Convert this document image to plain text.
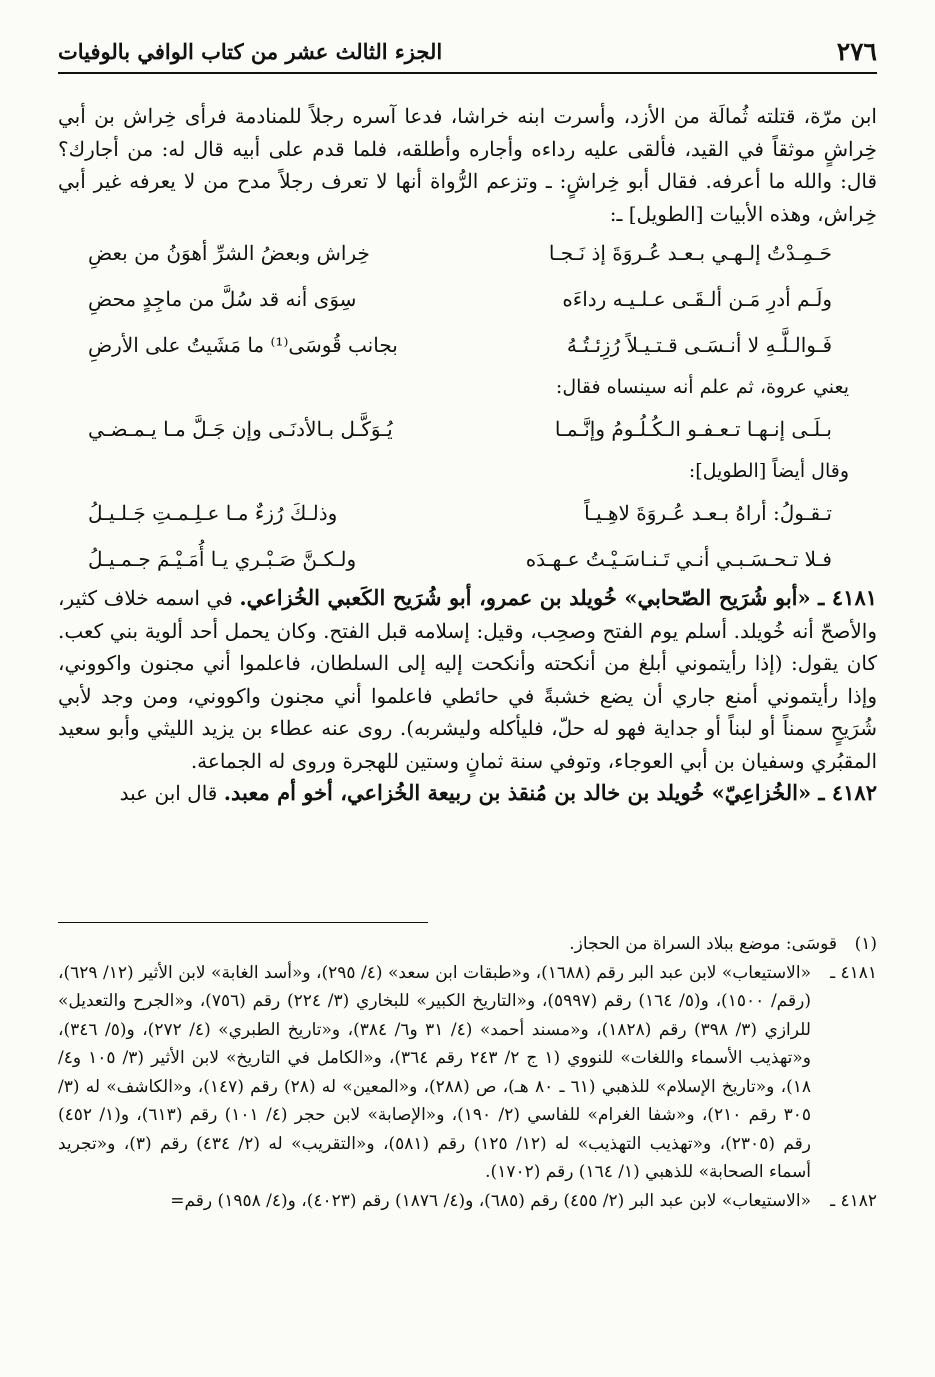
٢٧٦
الجزء الثالث عشر من كتاب الوافي بالوفيات

ابن مرّة، قتلته ثُمالَة من الأزد، وأسرت ابنه خراشا، فدعا آسره رجلاً للمنادمة فرأى خِراش بن أبي خِراشٍ موثقاً في القيد، فألقى عليه رداءه وأجاره وأطلقه، فلما قدم على أبيه قال له: من أجارك؟ قال: والله ما أعرفه. فقال أبو خِراشٍ: ـ وتزعم الرُّواة أنها لا تعرف رجلاً مدح من لا يعرفه غير أبي خِراش، وهذه الأبيات [الطويل] ـ:

حَـمِـدْتُ إلـهـي بـعـد عُـروَةَ إذ نَـجـا
خِراش وبعضُ الشرِّ أهوَنُ من بعضِ
ولَـم أدرِ مَـن ألـقَـى عـلـيـه رداءَه
سِوَى أنه قد سُلَّ من ماجِدٍ محضِ
فَـوالـلَّـهِ لا أنـسَـى قـتـيـلاً رُزِئـتُـهُ
بجانب قُوسَى⁽¹⁾ ما مَشَيتُ على الأرضِ
يعني عروة، ثم علم أنه سينساه فقال:
بـلَـى إنـهـا تـعـفـو الـكُـلُـومُ وإنَّـمـا
يُـوَكَّـل بـالأدنَـى وإن جَـلَّ مـا يـمـضـي
وقال أيضاً [الطويل]:
تـقـولُ: أراهُ بـعـد عُـروَةَ لاهِـيـاً
وذلـكَ رُزءٌ مـا عـلِـمـتِ جَـلـيـلُ
فـلا تـحـسَـبـي أنـي تَـنـاسَـيْـتُ عـهـدَه
ولـكـنَّ صَـبْـري يـا أُمَـيْـمَ جـمـيـلُ

٤١٨١ ـ «أبو شُرَيح الصّحابي» خُويلد بن عمرو، أبو شُرَيح الكَعبي الخُزاعي. في اسمه خلاف كثير، والأصحّ أنه خُويلد. أسلم يوم الفتح وصحِب، وقيل: إسلامه قبل الفتح. وكان يحمل أحد ألوية بني كعب. كان يقول: (إذا رأيتموني أبلغ من أنكحته وأنكحت إليه إلى السلطان، فاعلموا أني مجنون واكووني، وإذا رأيتموني أمنع جاري أن يضع خشبةً في حائطي فاعلموا أني مجنون واكووني، ومن وجد لأبي شُرَيحٍ سمناً أو لبناً أو جداية فهو له حلّ، فليأكله وليشربه). روى عنه عطاء بن يزيد الليثي وأبو سعيد المقبُري وسفيان بن أبي العوجاء، وتوفي سنة ثمانٍ وستين للهجرة وروى له الجماعة.

٤١٨٢ ـ «الخُزاعِيّ» خُويلد بن خالد بن مُنقذ بن ربيعة الخُزاعي، أخو أم معبد. قال ابن عبد

(١)
قوسَى: موضع ببلاد السراة من الحجاز.
٤١٨١ ـ
«الاستيعاب» لابن عبد البر رقم (١٦٨٨)، و«طبقات ابن سعد» (٤/ ٢٩٥)، و«أسد الغابة» لابن الأثير (١٢/ ٦٢٩)، (رقم/ ١٥٠٠)، و(٥/ ١٦٤) رقم (٥٩٩٧)، و«التاريخ الكبير» للبخاري (٣/ ٢٢٤) رقم (٧٥٦)، و«الجرح والتعديل» للرازي (٣/ ٣٩٨) رقم (١٨٢٨)، و«مسند أحمد» (٤/ ٣١ و٦/ ٣٨٤)، و«تاريخ الطبري» (٤/ ٢٧٢)، و(٥/ ٣٤٦)، و«تهذيب الأسماء واللغات» للنووي (١ ج ٢/ ٢٤٣ رقم ٣٦٤)، و«الكامل في التاريخ» لابن الأثير (٣/ ١٠٥ و٤/ ١٨)، و«تاريخ الإسلام» للذهبي (٦١ ـ ٨٠ هـ)، ص (٢٨٨)، و«المعين» له (٢٨) رقم (١٤٧)، و«الكاشف» له (٣/ ٣٠٥ رقم ٢١٠)، و«شفا الغرام» للفاسي (٢/ ١٩٠)، و«الإصابة» لابن حجر (٤/ ١٠١) رقم (٦١٣)، و(١/ ٤٥٢) رقم (٢٣٠٥)، و«تهذيب التهذيب» له (١٢/ ١٢٥) رقم (٥٨١)، و«التقريب» له (٢/ ٤٣٤) رقم (٣)، و«تجريد أسماء الصحابة» للذهبي (١/ ١٦٤) رقم (١٧٠٢).
٤١٨٢ ـ
«الاستيعاب» لابن عبد البر (٢/ ٤٥٥) رقم (٦٨٥)، و(٤/ ١٨٧٦) رقم (٤٠٢٣)، و(٤/ ١٩٥٨) رقم=
